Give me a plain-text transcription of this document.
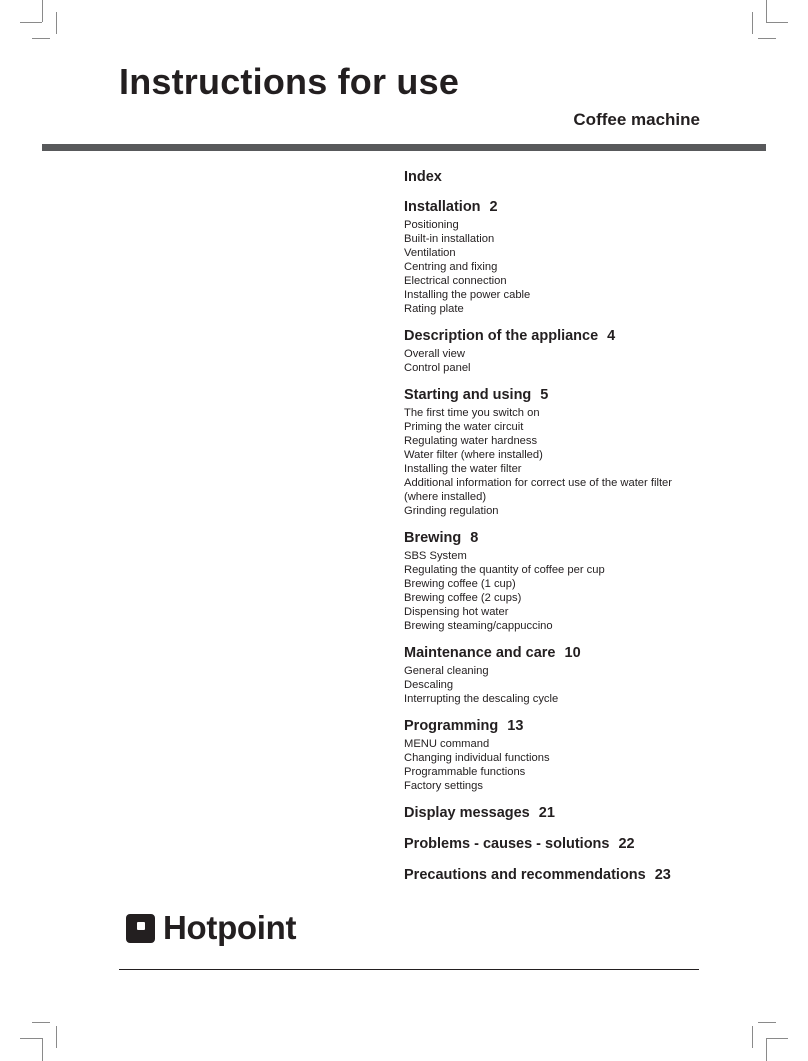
Instructions for use
Coffee machine
Index
Installation 2
Positioning
Built-in installation
Ventilation
Centring and fixing
Electrical connection
Installing the power cable
Rating plate
Description of the appliance 4
Overall view
Control panel
Starting and using 5
The first time you switch on
Priming the water circuit
Regulating water hardness
Water filter (where installed)
Installing the water filter
Additional information for correct use of the water filter (where installed)
Grinding regulation
Brewing 8
SBS System
Regulating the quantity of coffee per cup
Brewing coffee (1 cup)
Brewing coffee (2 cups)
Dispensing hot water
Brewing steaming/cappuccino
Maintenance and care 10
General cleaning
Descaling
Interrupting the descaling cycle
Programming 13
MENU command
Changing individual functions
Programmable functions
Factory settings
Display messages 21
Problems - causes - solutions 22
Precautions and recommendations 23
Hotpoint
